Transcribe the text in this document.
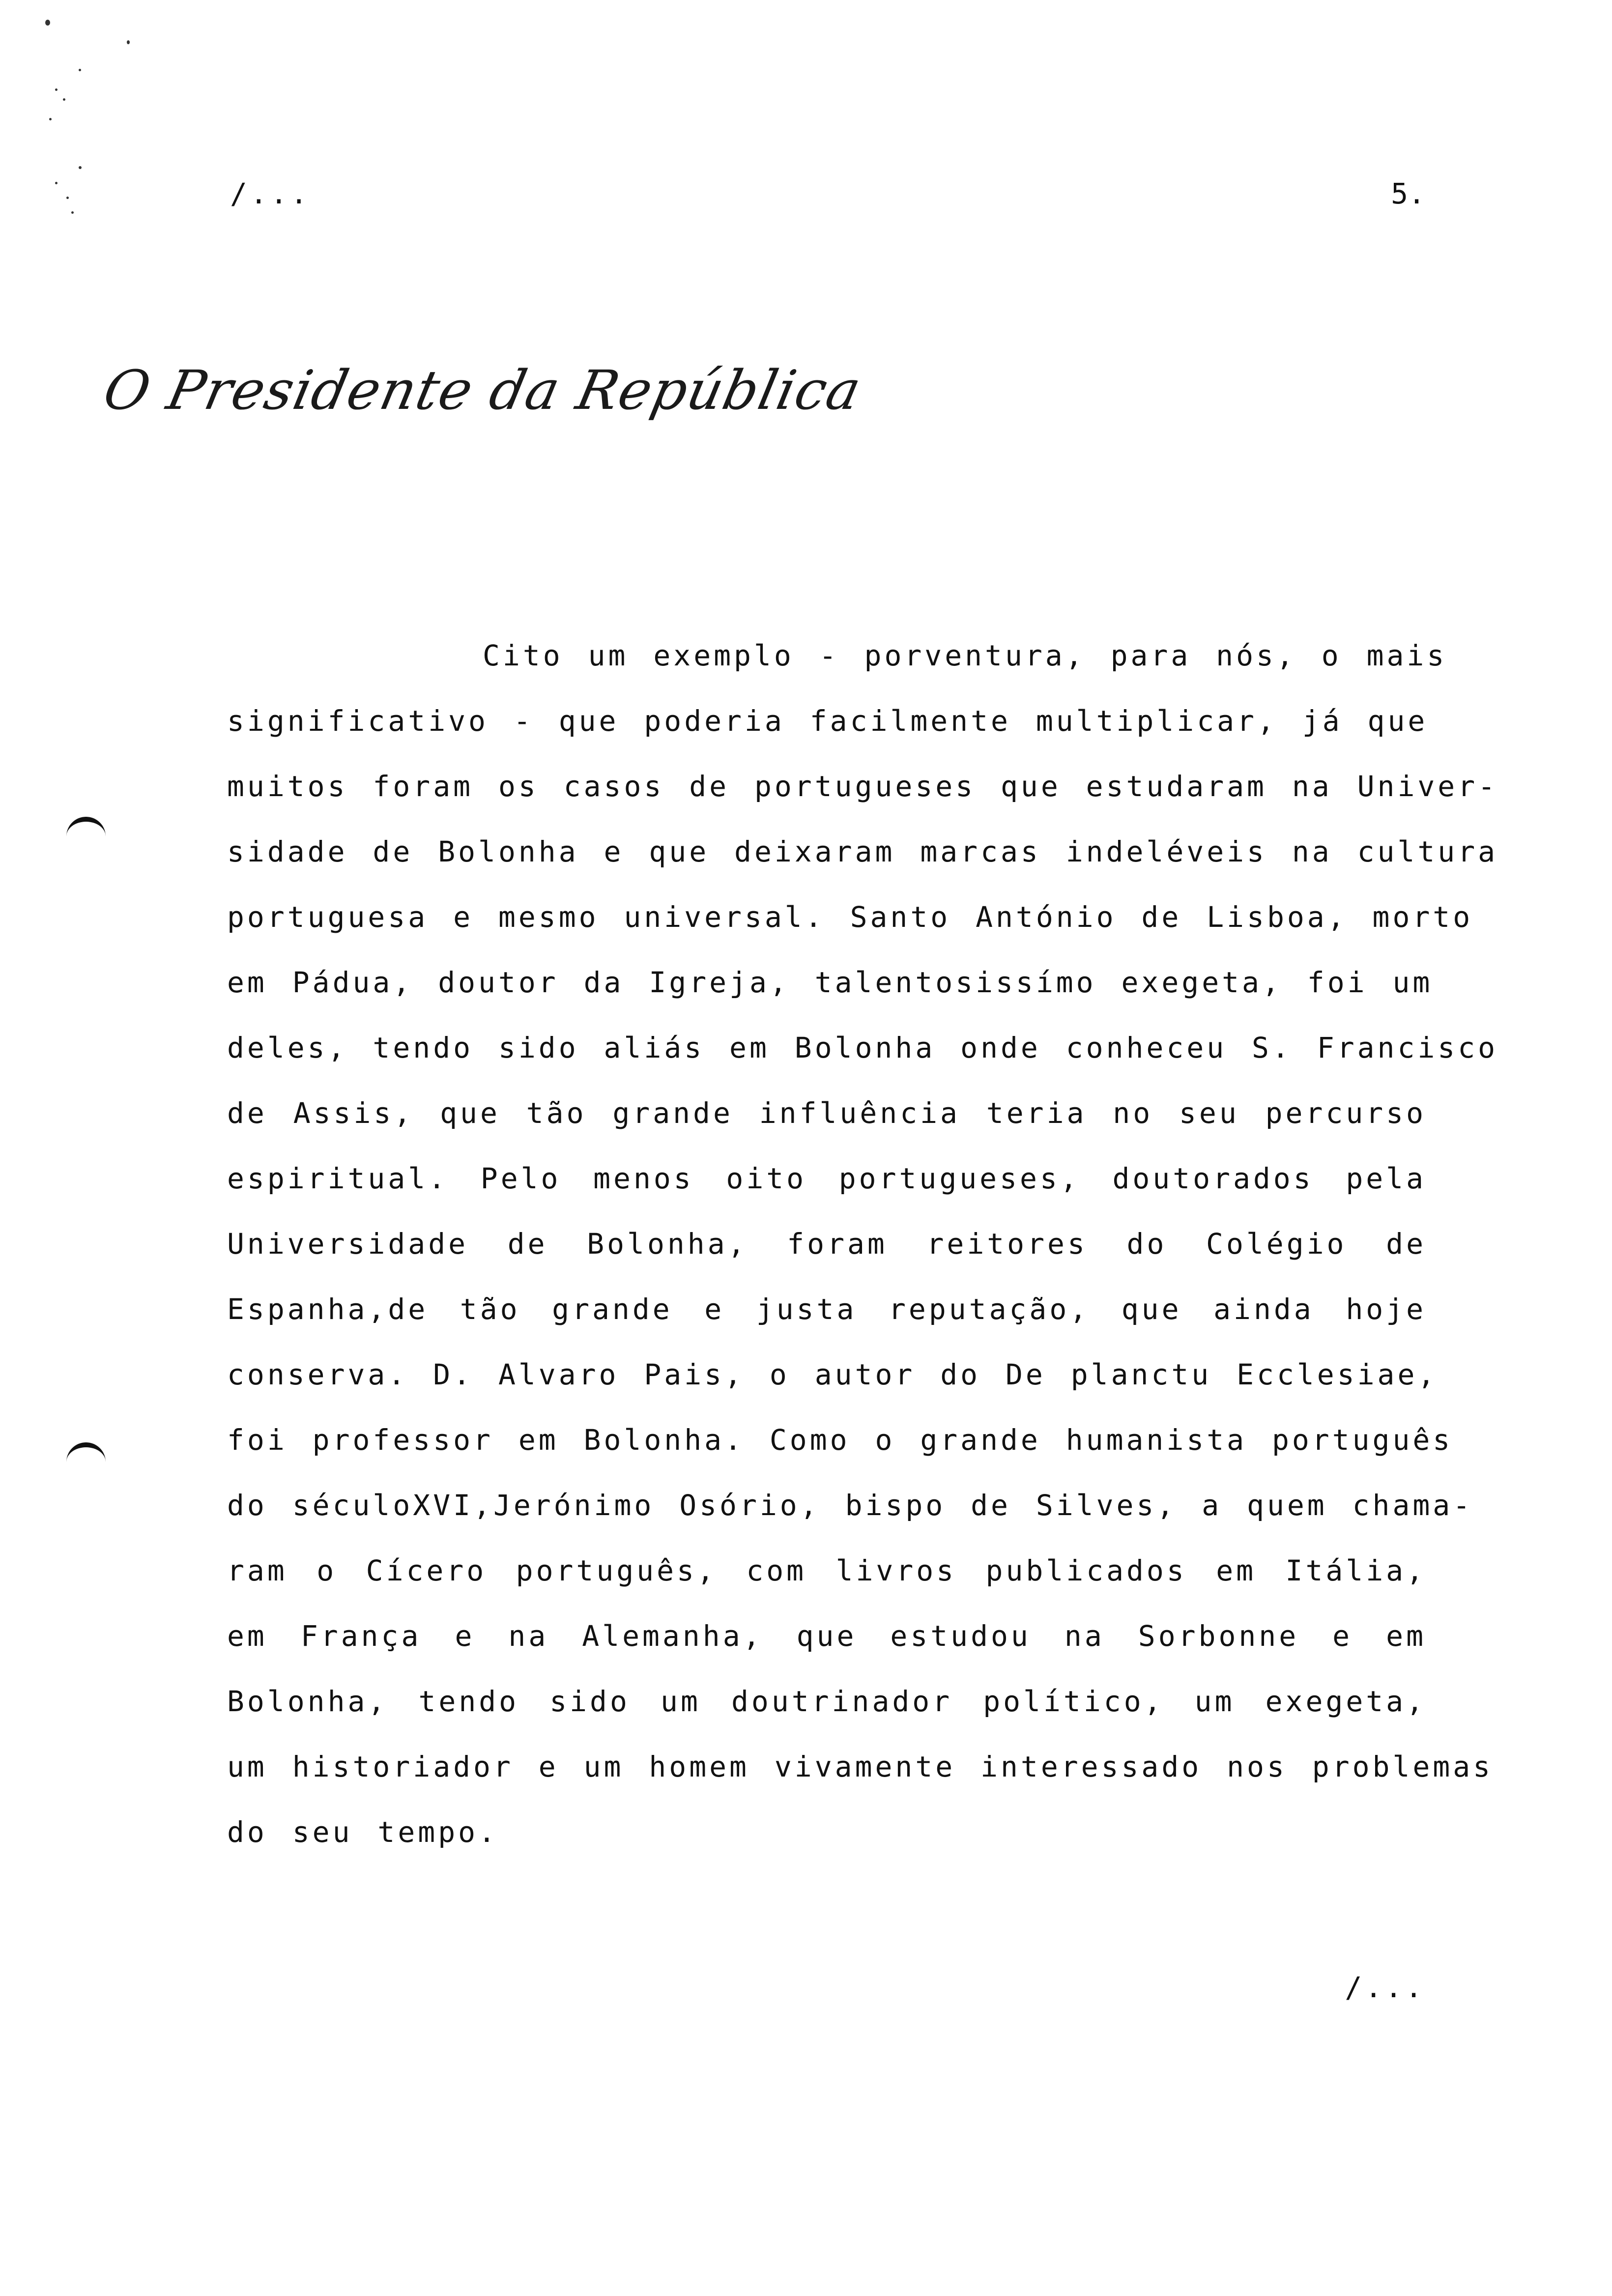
/...	5.
O Presidente da República
Cito um exemplo - porventura, para nós, o mais
significativo - que poderia facilmente multiplicar, já que
muitos foram os casos de portugueses que estudaram na Univer-
sidade de Bolonha e que deixaram marcas indeléveis na cultura
portuguesa e mesmo universal. Santo António de Lisboa, morto
em Pádua, doutor da Igreja, talentosissímo exegeta, foi um
deles, tendo sido aliás em Bolonha onde conheceu S. Francisco
de Assis, que tão grande influência teria no seu percurso
espiritual. Pelo menos oito portugueses, doutorados pela
Universidade de Bolonha, foram reitores do Colégio de
Espanha,de tão grande e justa reputação, que ainda hoje
conserva. D. Alvaro Pais, o autor do De planctu Ecclesiae,
foi professor em Bolonha. Como o grande humanista português
do séculoXVI,Jerónimo Osório, bispo de Silves, a quem chama-
ram o Cícero português, com livros publicados em Itália,
em França e na Alemanha, que estudou na Sorbonne e em
Bolonha, tendo sido um doutrinador político, um exegeta,
um historiador e um homem vivamente interessado nos problemas
do seu tempo.
/...
